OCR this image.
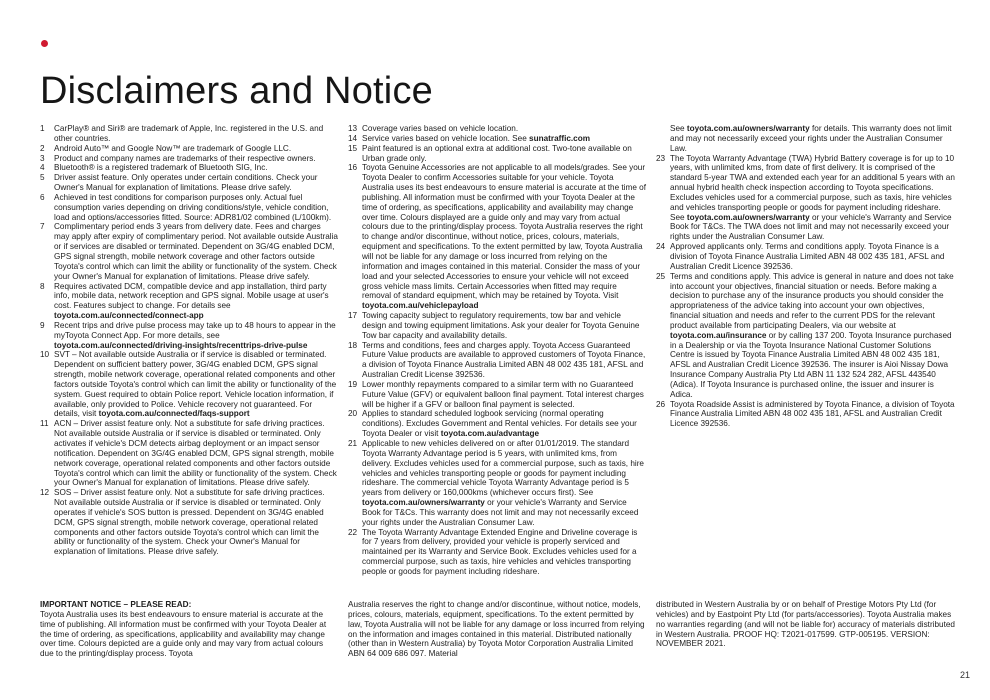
Disclaimers and Notice
1	CarPlay® and Siri® are trademark of Apple, Inc. registered in the U.S. and other countries.
2	Android Auto™ and Google Now™ are trademark of Google LLC.
3	Product and company names are trademarks of their respective owners.
4	Bluetooth® is a registered trademark of Bluetooth SIG, Inc.
5	Driver assist feature. Only operates under certain conditions. Check your Owner's Manual for explanation of limitations. Please drive safely.
6	Achieved in test conditions for comparison purposes only. Actual fuel consumption varies depending on driving conditions/style, vehicle condition, load and options/accessories fitted. Source: ADR81/02 combined (L/100km).
7	Complimentary period ends 3 years from delivery date. Fees and charges may apply after expiry of complimentary period. Not available outside Australia or if services are disabled or terminated. Dependent on 3G/4G enabled DCM, GPS signal strength, mobile network coverage and other factors outside Toyota's control which can limit the ability or functionality of the system. Check your Owner's Manual for explanation of limitations. Please drive safely.
8	Requires activated DCM, compatible device and app installation, third party info, mobile data, network reception and GPS signal. Mobile usage at user's cost. Features subject to change. For details see toyota.com.au/connected/connect-app
9	Recent trips and drive pulse process may take up to 48 hours to appear in the myToyota Connect App. For more details, see toyota.com.au/connected/driving-insights/recenttrips-drive-pulse
10 SVT – Not available outside Australia or if service is disabled or terminated. Dependent on sufficient battery power, 3G/4G enabled DCM, GPS signal strength, mobile network coverage, operational related components and other factors outside Toyota's control which can limit the ability or functionality of the system. Guest required to obtain Police report. Vehicle location information, if available, only provided to Police. Vehicle recovery not guaranteed. For details, visit toyota.com.au/connected/faqs-support
11 ACN – Driver assist feature only. Not a substitute for safe driving practices. Not available outside Australia or if service is disabled or terminated. Only activates if vehicle's DCM detects airbag deployment or an impact sensor notification. Dependent on 3G/4G enabled DCM, GPS signal strength, mobile network coverage, operational related components and other factors outside Toyota's control which can limit the ability or functionality of the system. Check your Owner's Manual for explanation of limitations. Please drive safely.
12 SOS – Driver assist feature only. Not a substitute for safe driving practices. Not available outside Australia or if service is disabled or terminated. Only operates if vehicle's SOS button is pressed. Dependent on 3G/4G enabled DCM, GPS signal strength, mobile network coverage, operational related components and other factors outside Toyota's control which can limit the ability or functionality of the system. Check your Owner's Manual for explanation of limitations. Please drive safely.
13 Coverage varies based on vehicle location.
14 Service varies based on vehicle location. See sunatraffic.com
15 Paint featured is an optional extra at additional cost. Two-tone available on Urban grade only.
16 Toyota Genuine Accessories are not applicable to all models/grades. See your Toyota Dealer to confirm Accessories suitable for your vehicle. Toyota Australia uses its best endeavours to ensure material is accurate at the time of publishing. All information must be confirmed with your Toyota Dealer at the time of ordering, as specifications, applicability and availability may change over time. Colours displayed are a guide only and may vary from actual colours due to the printing/display process. Toyota Australia reserves the right to change and/or discontinue, without notice, prices, colours, materials, equipment and specifications. To the extent permitted by law, Toyota Australia will not be liable for any damage or loss incurred from relying on the information and images contained in this material. Consider the mass of your load and your selected Accessories to ensure your vehicle will not exceed gross vehicle mass limits. Certain Accessories when fitted may require removal of standard equipment, which may be retained by Toyota. Visit toyota.com.au/vehiclepayload
17 Towing capacity subject to regulatory requirements, tow bar and vehicle design and towing equipment limitations. Ask your dealer for Toyota Genuine Tow bar capacity and availability details.
18 Terms and conditions, fees and charges apply. Toyota Access Guaranteed Future Value products are available to approved customers of Toyota Finance, a division of Toyota Finance Australia Limited ABN 48 002 435 181, AFSL and Australian Credit License 392536.
19 Lower monthly repayments compared to a similar term with no Guaranteed Future Value (GFV) or equivalent balloon final payment. Total interest charges will be higher if a GFV or balloon final payment is selected.
20 Applies to standard scheduled logbook servicing (normal operating conditions). Excludes Government and Rental vehicles. For details see your Toyota Dealer or visit toyota.com.au/advantage
21 Applicable to new vehicles delivered on or after 01/01/2019. The standard Toyota Warranty Advantage period is 5 years, with unlimited kms, from delivery. Excludes vehicles used for a commercial purpose, such as taxis, hire vehicles and vehicles transporting people or goods for payment including rideshare. The commercial vehicle Toyota Warranty Advantage period is 5 years from delivery or 160,000kms (whichever occurs first). See toyota.com.au/owners/warranty or your vehicle's Warranty and Service Book for T&Cs. This warranty does not limit and may not necessarily exceed your rights under the Australian Consumer Law.
22 The Toyota Warranty Advantage Extended Engine and Driveline coverage is for 7 years from delivery, provided your vehicle is properly serviced and maintained per its Warranty and Service Book. Excludes vehicles used for a commercial purpose, such as taxis, hire vehicles and vehicles transporting people or goods for payment including rideshare.
See toyota.com.au/owners/warranty for details. This warranty does not limit and may not necessarily exceed your rights under the Australian Consumer Law.
23 The Toyota Warranty Advantage (TWA) Hybrid Battery coverage is for up to 10 years, with unlimited kms, from date of first delivery. It is comprised of the standard 5-year TWA and extended each year for an additional 5 years with an annual hybrid health check inspection according to Toyota specifications. Excludes vehicles used for a commercial purpose, such as taxis, hire vehicles and vehicles transporting people or goods for payment including rideshare. See toyota.com.au/owners/warranty or your vehicle's Warranty and Service Book for T&Cs. The TWA does not limit and may not necessarily exceed your rights under the Australian Consumer Law.
24 Approved applicants only. Terms and conditions apply. Toyota Finance is a division of Toyota Finance Australia Limited ABN 48 002 435 181, AFSL and Australian Credit Licence 392536.
25 Terms and conditions apply. This advice is general in nature and does not take into account your objectives, financial situation or needs. Before making a decision to purchase any of the insurance products you should consider the appropriateness of the advice taking into account your own objectives, financial situation and needs and refer to the current PDS for the relevant product available from participating Dealers, via our website at toyota.com.au/insurance or by calling 137 200. Toyota Insurance purchased in a Dealership or via the Toyota Insurance National Customer Solutions Centre is issued by Toyota Finance Australia Limited ABN 48 002 435 181, AFSL and Australian Credit Licence 392536. The insurer is Aioi Nissay Dowa Insurance Company Australia Pty Ltd ABN 11 132 524 282, AFSL 443540 (Adica). If Toyota Insurance is purchased online, the issuer and insurer is Adica.
26 Toyota Roadside Assist is administered by Toyota Finance, a division of Toyota Finance Australia Limited ABN 48 002 435 181, AFSL and Australian Credit Licence 392536.
IMPORTANT NOTICE – PLEASE READ:
Toyota Australia uses its best endeavours to ensure material is accurate at the time of publishing. All information must be confirmed with your Toyota Dealer at the time of ordering, as specifications, applicability and availability may change over time. Colours depicted are a guide only and may vary from actual colours due to the printing/display process. Toyota
Australia reserves the right to change and/or discontinue, without notice, models, prices, colours, materials, equipment, specifications. To the extent permitted by law, Toyota Australia will not be liable for any damage or loss incurred from relying on the information and images contained in this material. Distributed nationally (other than in Western Australia) by Toyota Motor Corporation Australia Limited ABN 64 009 686 097. Material
distributed in Western Australia by or on behalf of Prestige Motors Pty Ltd (for vehicles) and by Eastpoint Pty Ltd (for parts/accessories). Toyota Australia makes no warranties regarding (and will not be liable for) accuracy of materials distributed in Western Australia. PROOF HQ: T2021-017599. GTP-005195. VERSION: NOVEMBER 2021.
21
